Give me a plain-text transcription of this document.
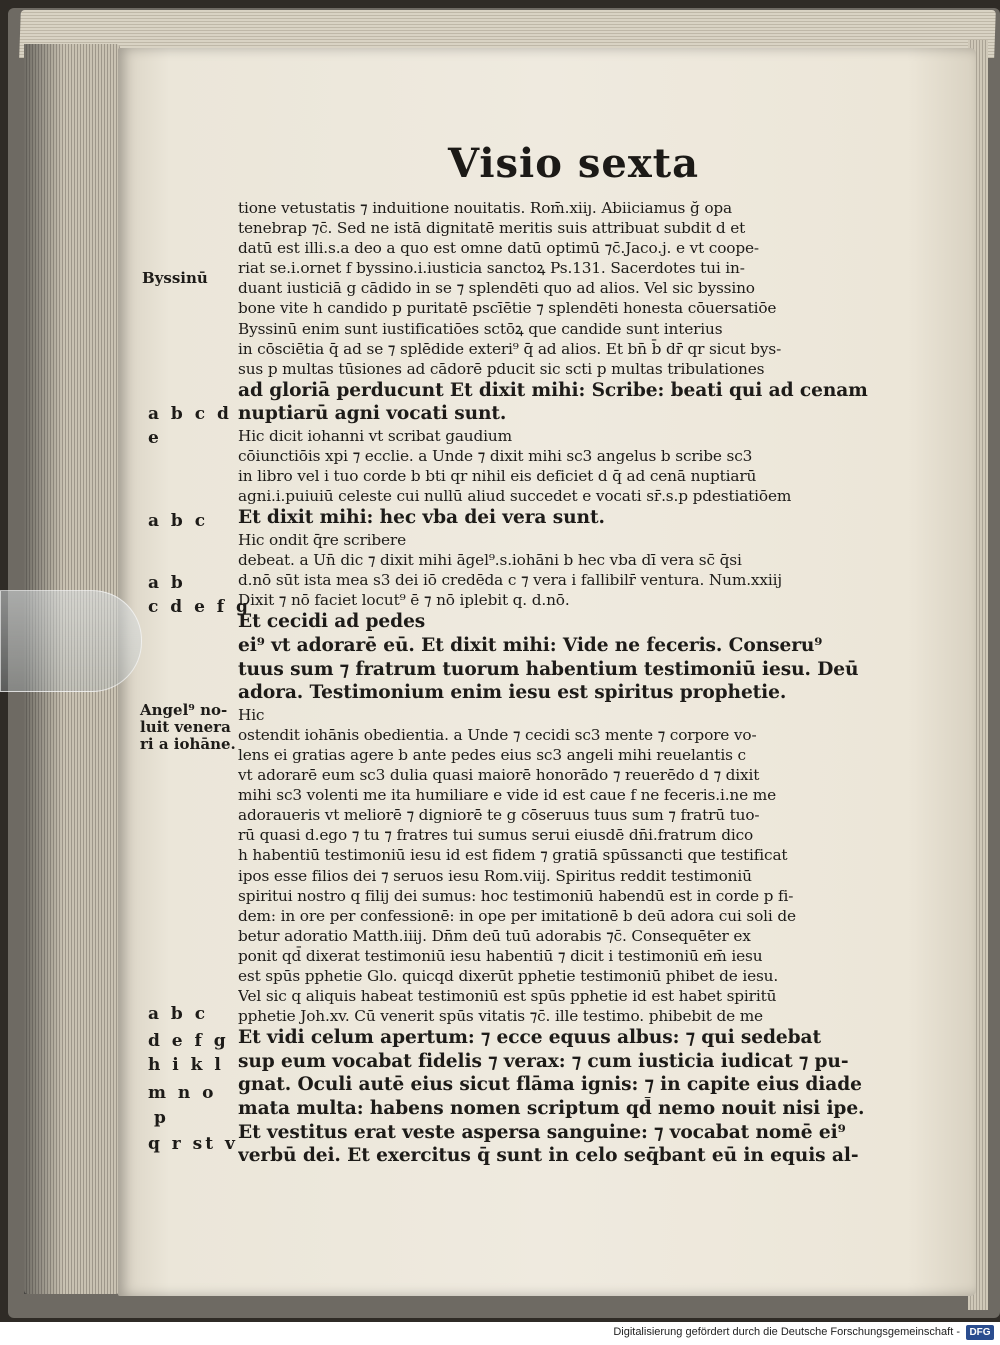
Visio sexta
tione vetustatis ⁊ induitione nouitatis. Rom̄.xiiȷ. Abiiciamus ğ opa
tenebrap ⁊c̄. Sed ne istā dignitatē meritis suis attribuat subdit d et
datū est illi.s.a deo a quo est omne datū optimū ⁊c̄.Jaco.j. e vt coope-
riat se.i.ornet f byssino.i.iusticia sanctoꝝ Ps.131. Sacerdotes tui in-
duant iusticiā g cādido in se ⁊ splendēti quo ad alios. Vel sic byssino
bone vite h candido p puritatē pscīētie ⁊ splendēti honesta cōuersatiōe
Byssinū enim sunt iustificatiōes sctōꝝ que candide sunt interius
in cōsciētia q̄ ad se ⁊ splēdide exteri⁹ q̄ ad alios. Et bn̄ b̄ dr̄ qr sicut bys-
sus p multas tūsiones ad cādorē pducit sic scti p multas tribulationes
ad gloriā perducunt Et dixit mihi: Scribe: beati qui ad cenam
nuptiarū agni vocati sunt.
Hic dicit iohanni vt scribat gaudium
cōiunctiōis xpi ⁊ ecclie. a Unde ⁊ dixit mihi sc3 angelus b scribe sc3
in libro vel i tuo corde b bti qr nihil eis deficiet d q̄ ad cenā nuptiarū
agni.i.puiuiū celeste cui nullū aliud succedet e vocati sr̄.s.p pdestiatiōem
Et dixit mihi: hec vba dei vera sunt.
Hic ondit q̄re scribere
debeat. a Un̄ dic ⁊ dixit mihi āgel⁹.s.iohāni b hec vba dī vera sc̄ q̄si
d.nō sūt ista mea s3 dei iō credēda c ⁊ vera i fallibilr̄ ventura. Num.xxiij
Dixit ⁊ nō faciet locut⁹ ē ⁊ nō iplebit q. d.nō.
Et cecidi ad pedes
ei⁹ vt adorarē eū. Et dixit mihi: Vide ne feceris. Conseru⁹
tuus sum ⁊ fratrum tuorum habentium testimoniū iesu. Deū
adora. Testimonium enim iesu est spiritus prophetie.
Hic
ostendit iohānis obedientia. a Unde ⁊ cecidi sc3 mente ⁊ corpore vo-
lens ei gratias agere b ante pedes eius sc3 angeli mihi reuelantis c
vt adorarē eum sc3 dulia quasi maiorē honorādo ⁊ reuerēdo d ⁊ dixit
mihi sc3 volenti me ita humiliare e vide id est caue f ne feceris.i.ne me
adoraueris vt meliorē ⁊ digniorē te g cōseruus tuus sum ⁊ fratrū tuo-
rū quasi d.ego ⁊ tu ⁊ fratres tui sumus serui eiusdē dn̄i.fratrum dico
h habentiū testimoniū iesu id est fidem ⁊ gratiā spūssancti que testificat
ipos esse filios dei ⁊ seruos iesu Rom.viij. Spiritus reddit testimoniū
spiritui nostro q filij dei sumus: hoc testimoniū habendū est in corde p fi-
dem: in ore per confessionē: in ope per imitationē b deū adora cui soli de
betur adoratio Matth.iiij. Dn̄m deū tuū adorabis ⁊c̄. Consequēter ex
ponit qd̄ dixerat testimoniū iesu habentiū ⁊ dicit i testimoniū em̄ iesu
est spūs pphetie Glo. quicqd dixerūt pphetie testimoniū phibet de iesu.
Vel sic q aliquis habeat testimoniū est spūs pphetie id est habet spiritū
pphetie Joh.xv. Cū venerit spūs vitatis ⁊c̄. ille testimo. phibebit de me
Et vidi celum apertum: ⁊ ecce equus albus: ⁊ qui sedebat
sup eum vocabat fidelis ⁊ verax: ⁊ cum iusticia iudicat ⁊ pu-
gnat. Oculi autē eius sicut flāma ignis: ⁊ in capite eius diade
mata multa: habens nomen scriptum qd̄ nemo nouit nisi ipe.
Et vestitus erat veste aspersa sanguine: ⁊ vocabat nomē ei⁹
verbū dei. Et exercitus q̄ sunt in celo seq̄bant eū in equis al-
Byssinū
a b c d
e
a b c
a b
c d e f g
Angel⁹ no-
luit venera
ri a iohāne.
a b c
d e f g
h i k l
m n o
p
q r st v
Digitalisierung gefördert durch die Deutsche Forschungsgemeinschaft - DFG
